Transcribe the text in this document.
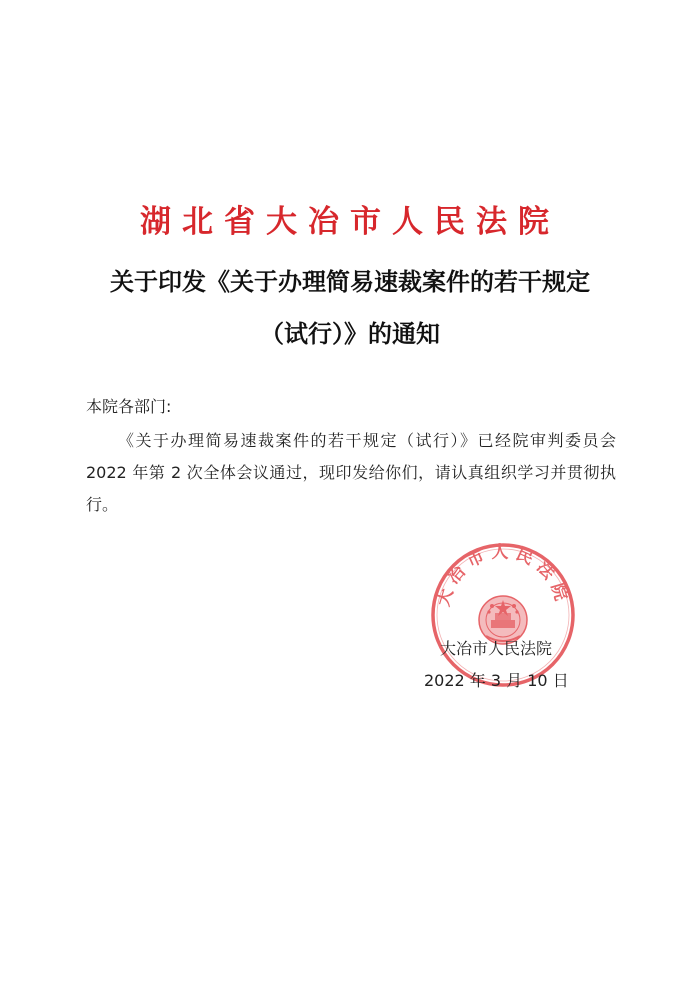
湖北省大冶市人民法院
关于印发《关于办理简易速裁案件的若干规定
（试行）》的通知
本院各部门:
《关于办理简易速裁案件的若干规定（试行）》已经院审判委员会 2022 年第 2 次全体会议通过，现印发给你们，请认真组织学习并贯彻执行。
大冶市人民法院
大冶市人民法院
2022 年 3 月 10 日
